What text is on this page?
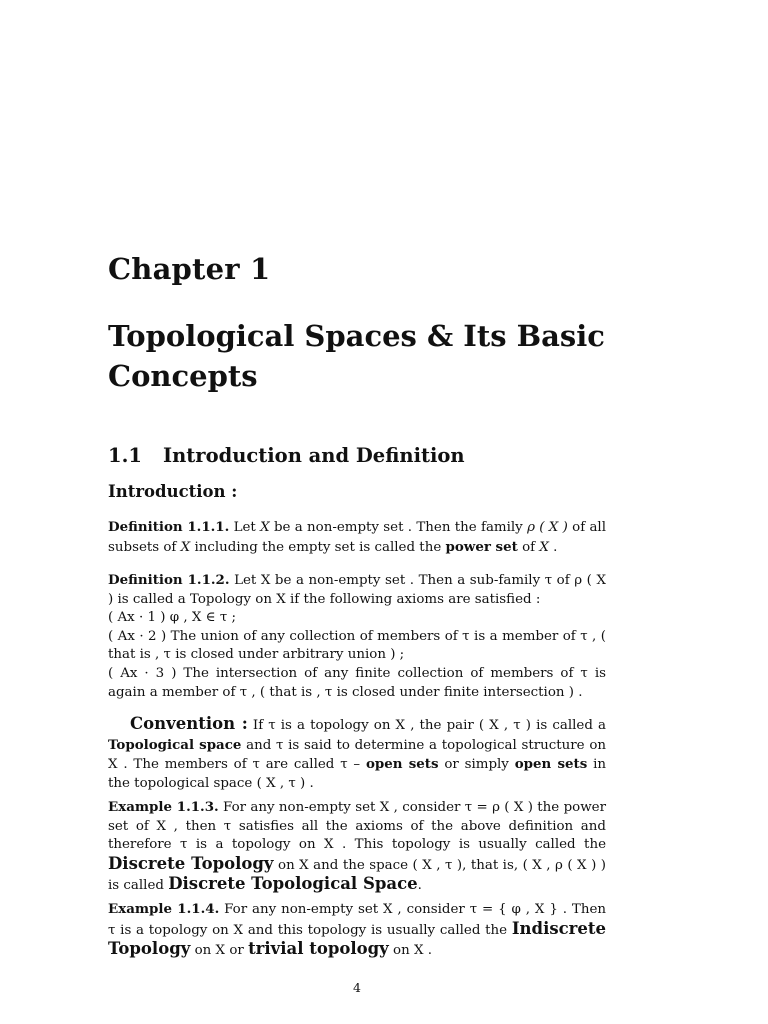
Chapter 1
Topological Spaces & Its Basic Concepts
1.1 Introduction and Definition
Introduction :

Definition 1.1.1. Let X be a non-empty set . Then the family ρ ( X ) of all subsets of X including the empty set is called the power set of X .

Definition 1.1.2. Let X be a non-empty set . Then a sub-family τ of ρ ( X ) is called a Topology on X if the following axioms are satisfied :
( Ax · 1 ) φ , X ∈ τ ;
( Ax · 2 ) The union of any collection of members of τ is a member of τ , ( that is , τ is closed under arbitrary union ) ;
( Ax · 3 ) The intersection of any finite collection of members of τ is again a member of τ , ( that is , τ is closed under finite intersection ) .

Convention : If τ is a topology on X , the pair ( X , τ ) is called a Topological space and τ is said to determine a topological structure on X . The members of τ are called τ – open sets or simply open sets in the topological space ( X , τ ) .

Example 1.1.3. For any non-empty set X , consider τ = ρ ( X ) the power set of X , then τ satisfies all the axioms of the above definition and therefore τ is a topology on X . This topology is usually called the Discrete Topology on X and the space ( X , τ ), that is, ( X , ρ ( X ) ) is called Discrete Topological Space.

Example 1.1.4. For any non-empty set X , consider τ = { φ , X } . Then τ is a topology on X and this topology is usually called the Indiscrete Topology on X or trivial topology on X .

4
